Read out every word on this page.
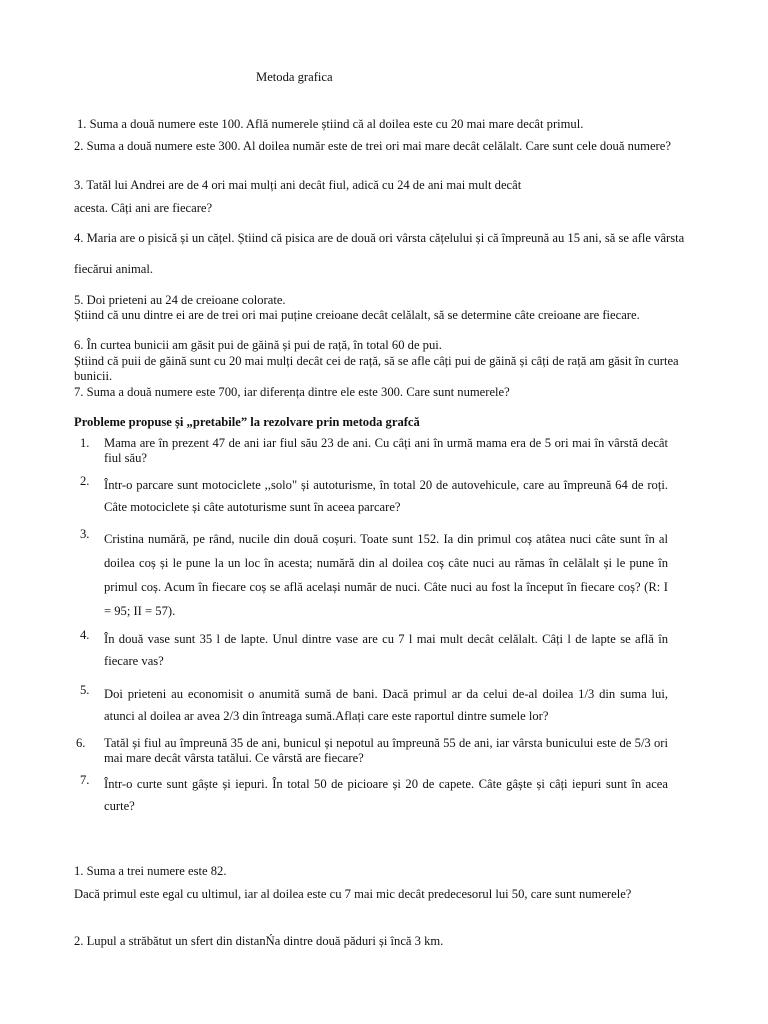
Metoda grafica

1. Suma a două numere este 100. Află numerele știind că al doilea este cu 20 mai mare decât primul.

2. Suma a două numere este 300. Al doilea număr este de trei ori mai mare decât celălalt. Care sunt cele două numere?

3. Tatăl lui Andrei are de 4 ori mai mulți ani decât fiul, adică cu 24 de ani mai mult decât

acesta. Câți ani are fiecare?

4. Maria are o pisică și un cățel. Știind că pisica are de două ori vârsta cățelului și că împreună au 15 ani, să se afle vârsta

fiecărui animal.

5. Doi prieteni au 24 de creioane colorate.

Știind că unu dintre ei are de trei ori mai puține creioane decât celălalt, să se determine câte creioane are fiecare.

6. În curtea bunicii am găsit pui de găină și pui de rață, în total 60 de pui.

Știind că puii de găină sunt cu 20 mai mulți decât cei de rață, să se afle câți pui de găină și câți de rață am găsit în curtea bunicii.

7. Suma a două numere este 700, iar diferența dintre ele este 300. Care sunt numerele?

Probleme propuse și „pretabile” la rezolvare prin metoda grafcă

1. Mama are în prezent 47 de ani iar fiul său 23 de ani. Cu câți ani în urmă mama era de 5 ori mai în vârstă decât fiul său?

2. Într-o parcare sunt motociclete ,,solo" și autoturisme, în total 20 de autovehicule, care au împreună 64 de roți. Câte motociclete și câte autoturisme sunt în aceea parcare?

3. Cristina numără, pe rând, nucile din două coșuri. Toate sunt 152. Ia din primul coș atâtea nuci câte sunt în al doilea coș și le pune la un loc în acesta; numără din al doilea coș câte nuci au rămas în celălalt și le pune în primul coș. Acum în fiecare coș se află același număr de nuci. Câte nuci au fost la început în fiecare coș? (R: I = 95; II = 57).

4. În două vase sunt 35 l de lapte. Unul dintre vase are cu 7 l mai mult decât celălalt. Câți l de lapte se află în fiecare vas?

5. Doi prieteni au economisit o anumită sumă de bani. Dacă primul ar da celui de-al doilea 1/3 din suma lui, atunci al doilea ar avea 2/3 din întreaga sumă.Aflați care este raportul dintre sumele lor?

6. Tatăl și fiul au împreună 35 de ani, bunicul și nepotul au împreună 55 de ani, iar vârsta bunicului este de 5/3 ori mai mare decât vârsta tatălui. Ce vârstă are fiecare?

7. Într-o curte sunt gâște și iepuri. În total 50 de picioare și 20 de capete. Câte gâște și câți iepuri sunt în acea curte?

1. Suma a trei numere este 82.

Dacă primul este egal cu ultimul, iar al doilea este cu 7 mai mic decât predecesorul lui 50, care sunt numerele?

2. Lupul a străbătut un sfert din distanŃa dintre două păduri și încă 3 km.
